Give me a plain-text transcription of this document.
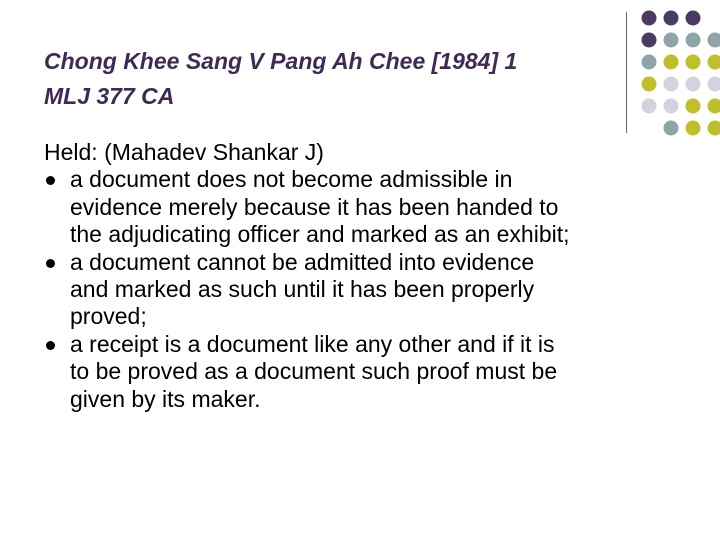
Chong Khee Sang V Pang Ah Chee [1984] 1
MLJ 377 CA

Held: (Mahadev Shankar J)

a document does not become admissible in
evidence merely because it has been handed to
the adjudicating officer and marked as an exhibit;
a document cannot be admitted into evidence
and marked as such until it has been properly
proved;
a receipt is a document like any other and if it is
to be proved as a document such proof must be
given by its maker.
